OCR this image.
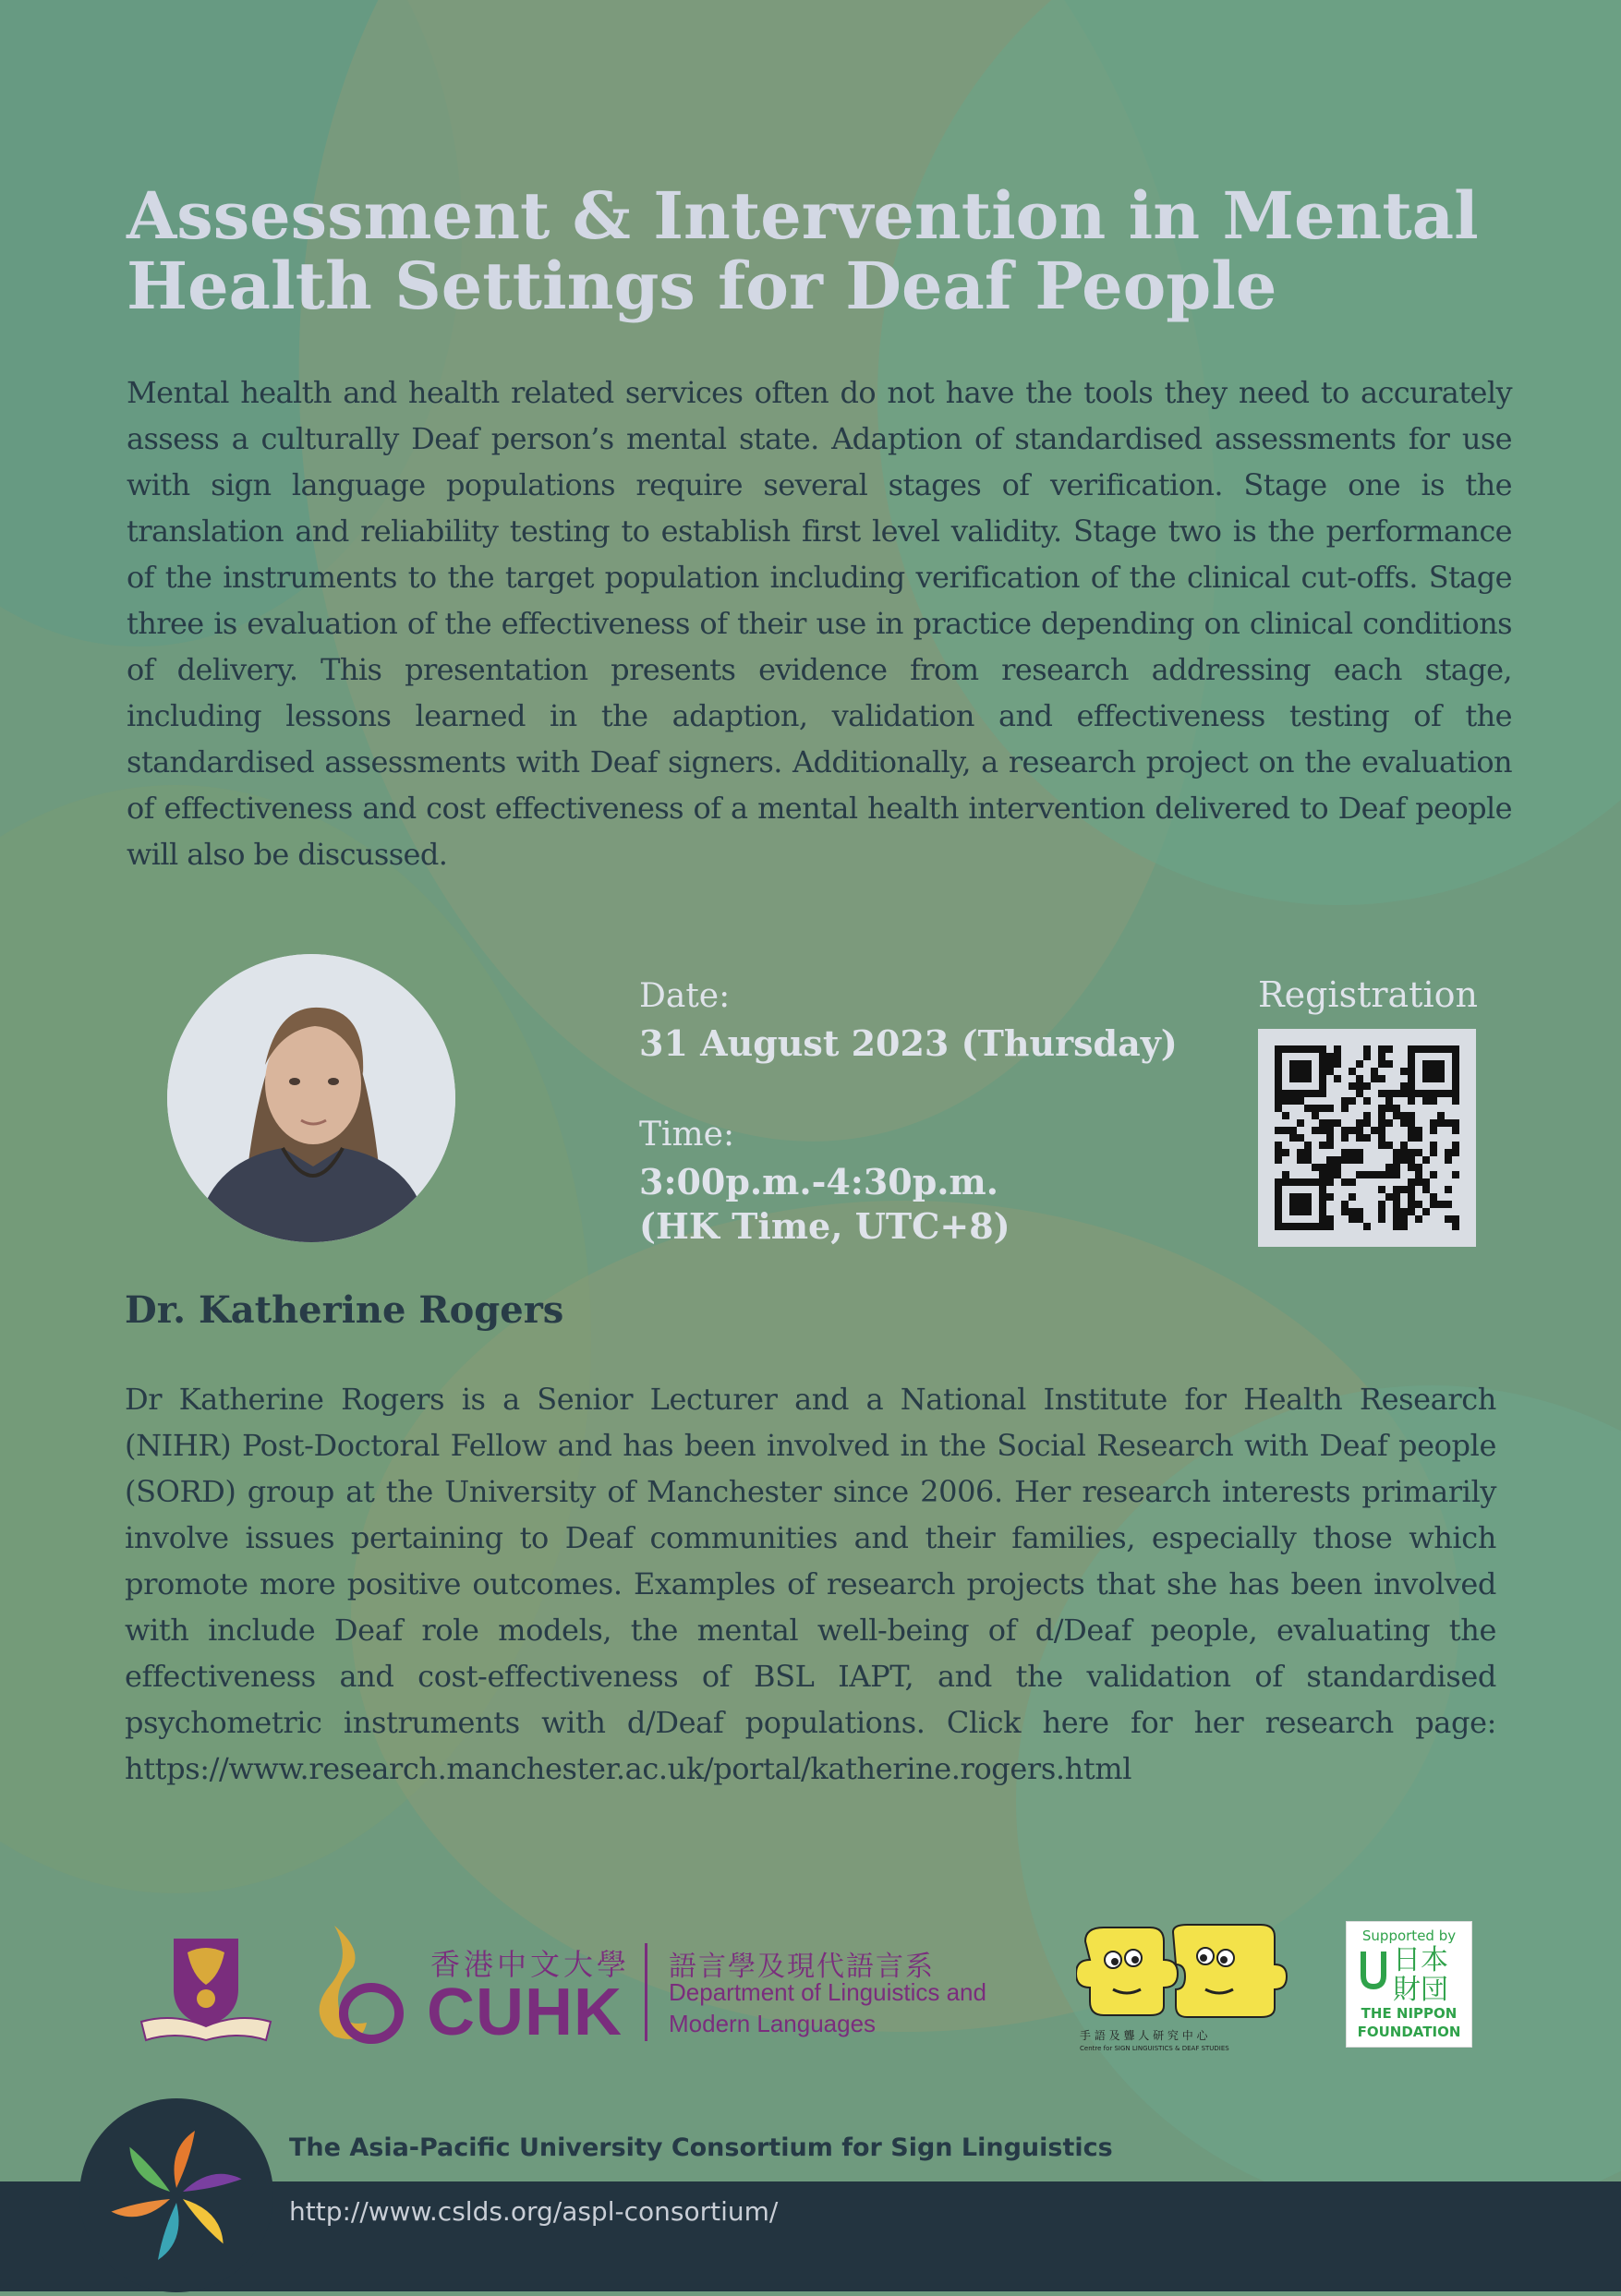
Assessment & Intervention in Mental
Health Settings for Deaf People
Mental health and health related services often do not have the tools they need to accurately assess a culturally Deaf person’s mental state. Adaption of standardised assessments for use with sign language populations require several stages of verification. Stage one is the translation and reliability testing to establish first level validity. Stage two is the performance of the instruments to the target population including verification of the clinical cut-offs. Stage three is evaluation of the effectiveness of their use in practice depending on clinical conditions of delivery. This presentation presents evidence from research addressing each stage, including lessons learned in the adaption, validation and effectiveness testing of the standardised assessments with Deaf signers. Additionally, a research project on the evaluation of effectiveness and cost effectiveness of a mental health intervention delivered to Deaf people will also be discussed.
Date:
31 August 2023 (Thursday)
Time:
3:00p.m.-4:30p.m.
(HK Time, UTC+8)
Registration
Dr. Katherine Rogers
Dr Katherine Rogers is a Senior Lecturer and a National Institute for Health Research (NIHR) Post-Doctoral Fellow and has been involved in the Social Research with Deaf people (SORD) group at the University of Manchester since 2006. Her research interests primarily involve issues pertaining to Deaf communities and their families, especially those which promote more positive outcomes. Examples of research projects that she has been involved with include Deaf role models, the mental well-being of d/Deaf people, evaluating the effectiveness and cost-effectiveness of BSL IAPT, and the validation of standardised psychometric instruments with d/Deaf populations. Click here for her research page: https://www.research.manchester.ac.uk/portal/katherine.rogers.html
香港中文大學
CUHK
語言學及現代語言系
Department of Linguistics and
Modern Languages	手 語 及 聾 人 研 究 中 心
Centre for SIGN LINGUISTICS & DEAF STUDIES
Supported by
日本財団
THE NIPPON
FOUNDATION
The Asia-Pacific University Consortium for Sign Linguistics
http://www.cslds.org/aspl-consortium/
